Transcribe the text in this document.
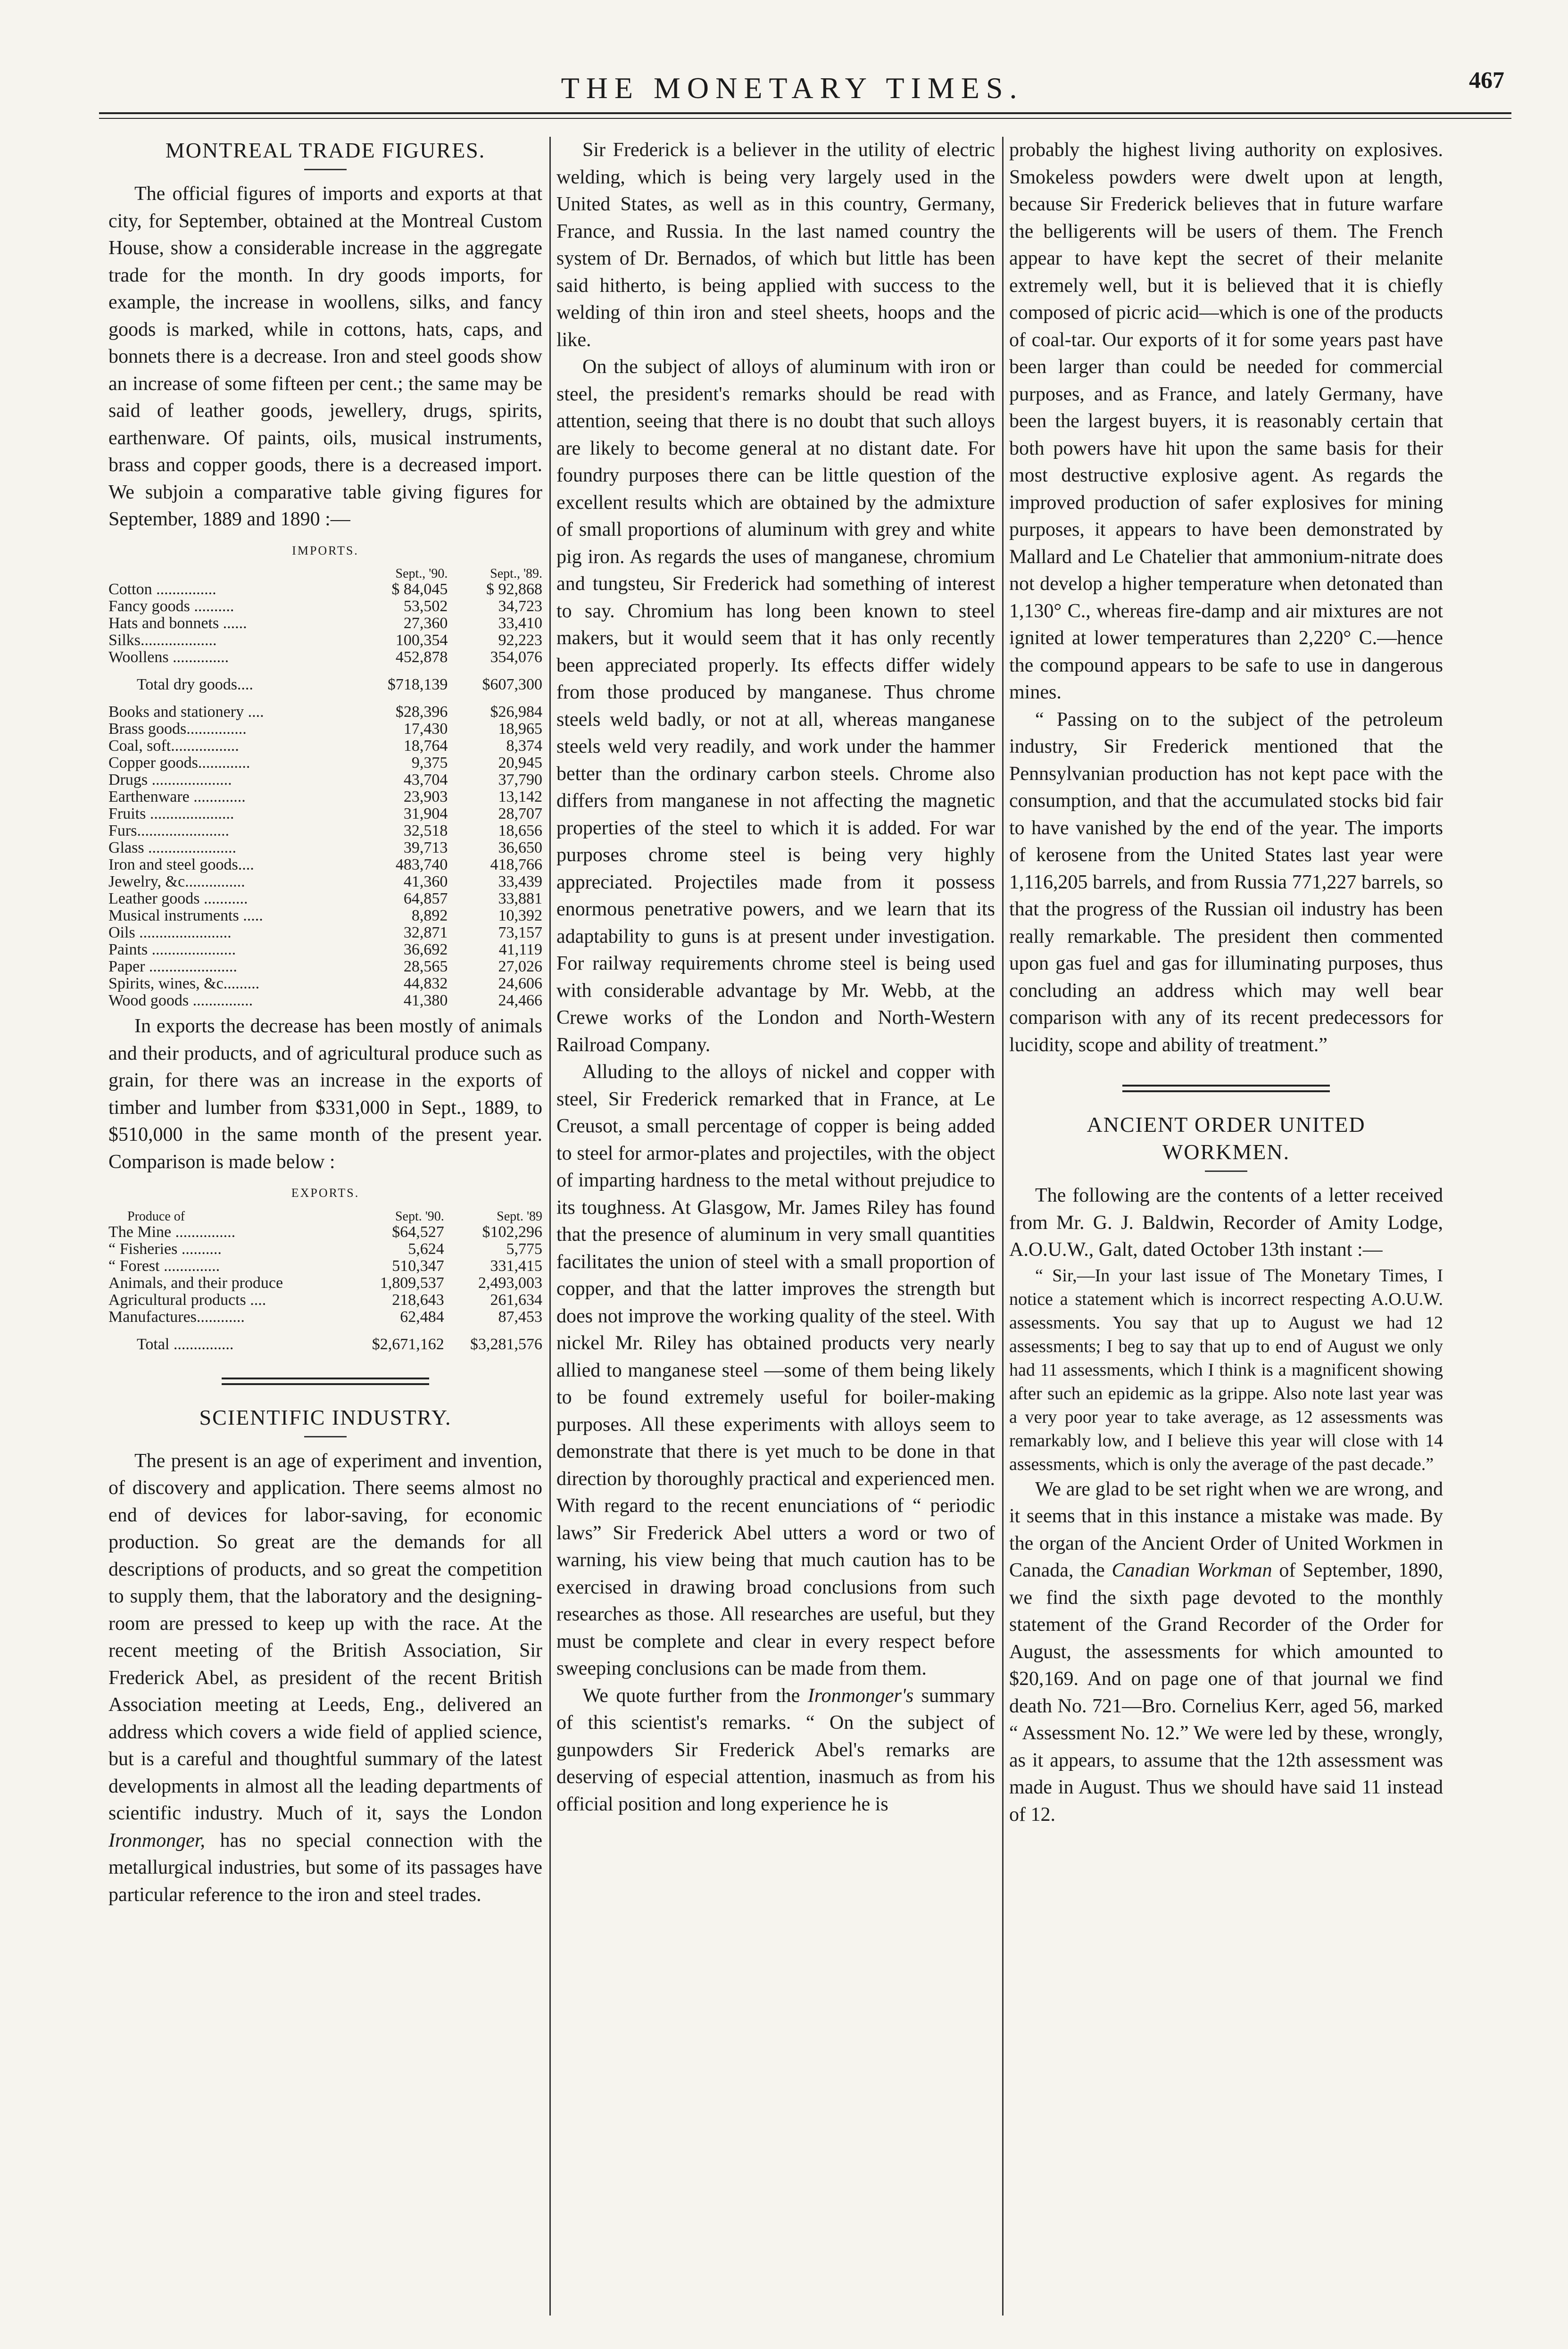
THE MONETARY TIMES.	467
MONTREAL TRADE FIGURES.

The official figures of imports and exports at that city, for September, obtained at the Montreal Custom House, show a considerable increase in the aggregate trade for the month. In dry goods imports, for example, the increase in woollens, silks, and fancy goods is marked, while in cottons, hats, caps, and bonnets there is a decrease. Iron and steel goods show an increase of some fifteen per cent.; the same may be said of leather goods, jewellery, drugs, spirits, earthenware. Of paints, oils, musical instruments, brass and copper goods, there is a decreased import. We subjoin a comparative table giving figures for September, 1889 and 1890 :—

IMPORTS.
	Sept., '90.	Sept., '89.
Cotton ...............	$ 84,045	$ 92,868
Fancy goods ..........	53,502	34,723
Hats and bonnets ......	27,360	33,410
Silks...................	100,354	92,223
Woollens ..............	452,878	354,076
Total dry goods....	$718,139	$607,300
Books and stationery ....	$28,396	$26,984
Brass goods...............	17,430	18,965
Coal, soft.................	18,764	8,374
Copper goods.............	9,375	20,945
Drugs ....................	43,704	37,790
Earthenware .............	23,903	13,142
Fruits .....................	31,904	28,707
Furs.......................	32,518	18,656
Glass ......................	39,713	36,650
Iron and steel goods....	483,740	418,766
Jewelry, &c...............	41,360	33,439
Leather goods ...........	64,857	33,881
Musical instruments .....	8,892	10,392
Oils .......................	32,871	73,157
Paints .....................	36,692	41,119
Paper ......................	28,565	27,026
Spirits, wines, &c.........	44,832	24,606
Wood goods ...............	41,380	24,466

In exports the decrease has been mostly of animals and their products, and of agricultural produce such as grain, for there was an increase in the exports of timber and lumber from $331,000 in Sept., 1889, to $510,000 in the same month of the present year. Comparison is made below :

EXPORTS.
Produce of	Sept. '90.	Sept. '89
The Mine ...............	$64,527	$102,296
“ Fisheries ..........	5,624	5,775
“ Forest ..............	510,347	331,415
Animals, and their produce	1,809,537	2,493,003
Agricultural products ....	218,643	261,634
Manufactures............	62,484	87,453
Total ...............	$2,671,162	$3,281,576
SCIENTIFIC INDUSTRY.

The present is an age of experiment and invention, of discovery and application. There seems almost no end of devices for labor-saving, for economic production. So great are the demands for all descriptions of products, and so great the competition to supply them, that the laboratory and the designing-room are pressed to keep up with the race. At the recent meeting of the British Association, Sir Frederick Abel, as president of the recent British Association meeting at Leeds, Eng., delivered an address which covers a wide field of applied science, but is a careful and thoughtful summary of the latest developments in almost all the leading departments of scientific industry. Much of it, says the London Ironmonger, has no special connection with the metallurgical industries, but some of its passages have particular reference to the iron and steel trades.

Sir Frederick is a believer in the utility of electric welding, which is being very largely used in the United States, as well as in this country, Germany, France, and Russia. In the last named country the system of Dr. Bernados, of which but little has been said hitherto, is being applied with success to the welding of thin iron and steel sheets, hoops and the like.

On the subject of alloys of aluminum with iron or steel, the president's remarks should be read with attention, seeing that there is no doubt that such alloys are likely to become general at no distant date. For foundry purposes there can be little question of the excellent results which are obtained by the admixture of small proportions of aluminum with grey and white pig iron. As regards the uses of manganese, chromium and tungsteu, Sir Frederick had something of interest to say. Chromium has long been known to steel makers, but it would seem that it has only recently been appreciated properly. Its effects differ widely from those produced by manganese. Thus chrome steels weld badly, or not at all, whereas manganese steels weld very readily, and work under the hammer better than the ordinary carbon steels. Chrome also differs from manganese in not affecting the magnetic properties of the steel to which it is added. For war purposes chrome steel is being very highly appreciated. Projectiles made from it possess enormous penetrative powers, and we learn that its adaptability to guns is at present under investigation. For railway requirements chrome steel is being used with considerable advantage by Mr. Webb, at the Crewe works of the London and North-Western Railroad Company.

Alluding to the alloys of nickel and copper with steel, Sir Frederick remarked that in France, at Le Creusot, a small percentage of copper is being added to steel for armor-plates and projectiles, with the object of imparting hardness to the metal without prejudice to its toughness. At Glasgow, Mr. James Riley has found that the presence of aluminum in very small quantities facilitates the union of steel with a small proportion of copper, and that the latter improves the strength but does not improve the working quality of the steel. With nickel Mr. Riley has obtained products very nearly allied to manganese steel —some of them being likely to be found extremely useful for boiler-making purposes. All these experiments with alloys seem to demonstrate that there is yet much to be done in that direction by thoroughly practical and experienced men. With regard to the recent enunciations of “ periodic laws” Sir Frederick Abel utters a word or two of warning, his view being that much caution has to be exercised in drawing broad conclusions from such researches as those. All researches are useful, but they must be complete and clear in every respect before sweeping conclusions can be made from them.

We quote further from the Ironmonger's summary of this scientist's remarks. “ On the subject of gunpowders Sir Frederick Abel's remarks are deserving of especial attention, inasmuch as from his official position and long experience he is

probably the highest living authority on explosives. Smokeless powders were dwelt upon at length, because Sir Frederick believes that in future warfare the belligerents will be users of them. The French appear to have kept the secret of their melanite extremely well, but it is believed that it is chiefly composed of picric acid—which is one of the products of coal-tar. Our exports of it for some years past have been larger than could be needed for commercial purposes, and as France, and lately Germany, have been the largest buyers, it is reasonably certain that both powers have hit upon the same basis for their most destructive explosive agent. As regards the improved production of safer explosives for mining purposes, it appears to have been demonstrated by Mallard and Le Chatelier that ammonium-nitrate does not develop a higher temperature when detonated than 1,130° C., whereas fire-damp and air mixtures are not ignited at lower temperatures than 2,220° C.—hence the compound appears to be safe to use in dangerous mines.

“ Passing on to the subject of the petroleum industry, Sir Frederick mentioned that the Pennsylvanian production has not kept pace with the consumption, and that the accumulated stocks bid fair to have vanished by the end of the year. The imports of kerosene from the United States last year were 1,116,205 barrels, and from Russia 771,227 barrels, so that the progress of the Russian oil industry has been really remarkable. The president then commented upon gas fuel and gas for illuminating purposes, thus concluding an address which may well bear comparison with any of its recent predecessors for lucidity, scope and ability of treatment.”

ANCIENT ORDER UNITED
WORKMEN.

The following are the contents of a letter received from Mr. G. J. Baldwin, Recorder of Amity Lodge, A.O.U.W., Galt, dated October 13th instant :—

“ Sir,—In your last issue of The Monetary Times, I notice a statement which is incorrect respecting A.O.U.W. assessments. You say that up to August we had 12 assessments; I beg to say that up to end of August we only had 11 assessments, which I think is a magnificent showing after such an epidemic as la grippe. Also note last year was a very poor year to take average, as 12 assessments was remarkably low, and I believe this year will close with 14 assessments, which is only the average of the past decade.”

We are glad to be set right when we are wrong, and it seems that in this instance a mistake was made. By the organ of the Ancient Order of United Workmen in Canada, the Canadian Workman of September, 1890, we find the sixth page devoted to the monthly statement of the Grand Recorder of the Order for August, the assessments for which amounted to $20,169. And on page one of that journal we find death No. 721—Bro. Cornelius Kerr, aged 56, marked “ Assessment No. 12.” We were led by these, wrongly, as it appears, to assume that the 12th assessment was made in August. Thus we should have said 11 instead of 12.
